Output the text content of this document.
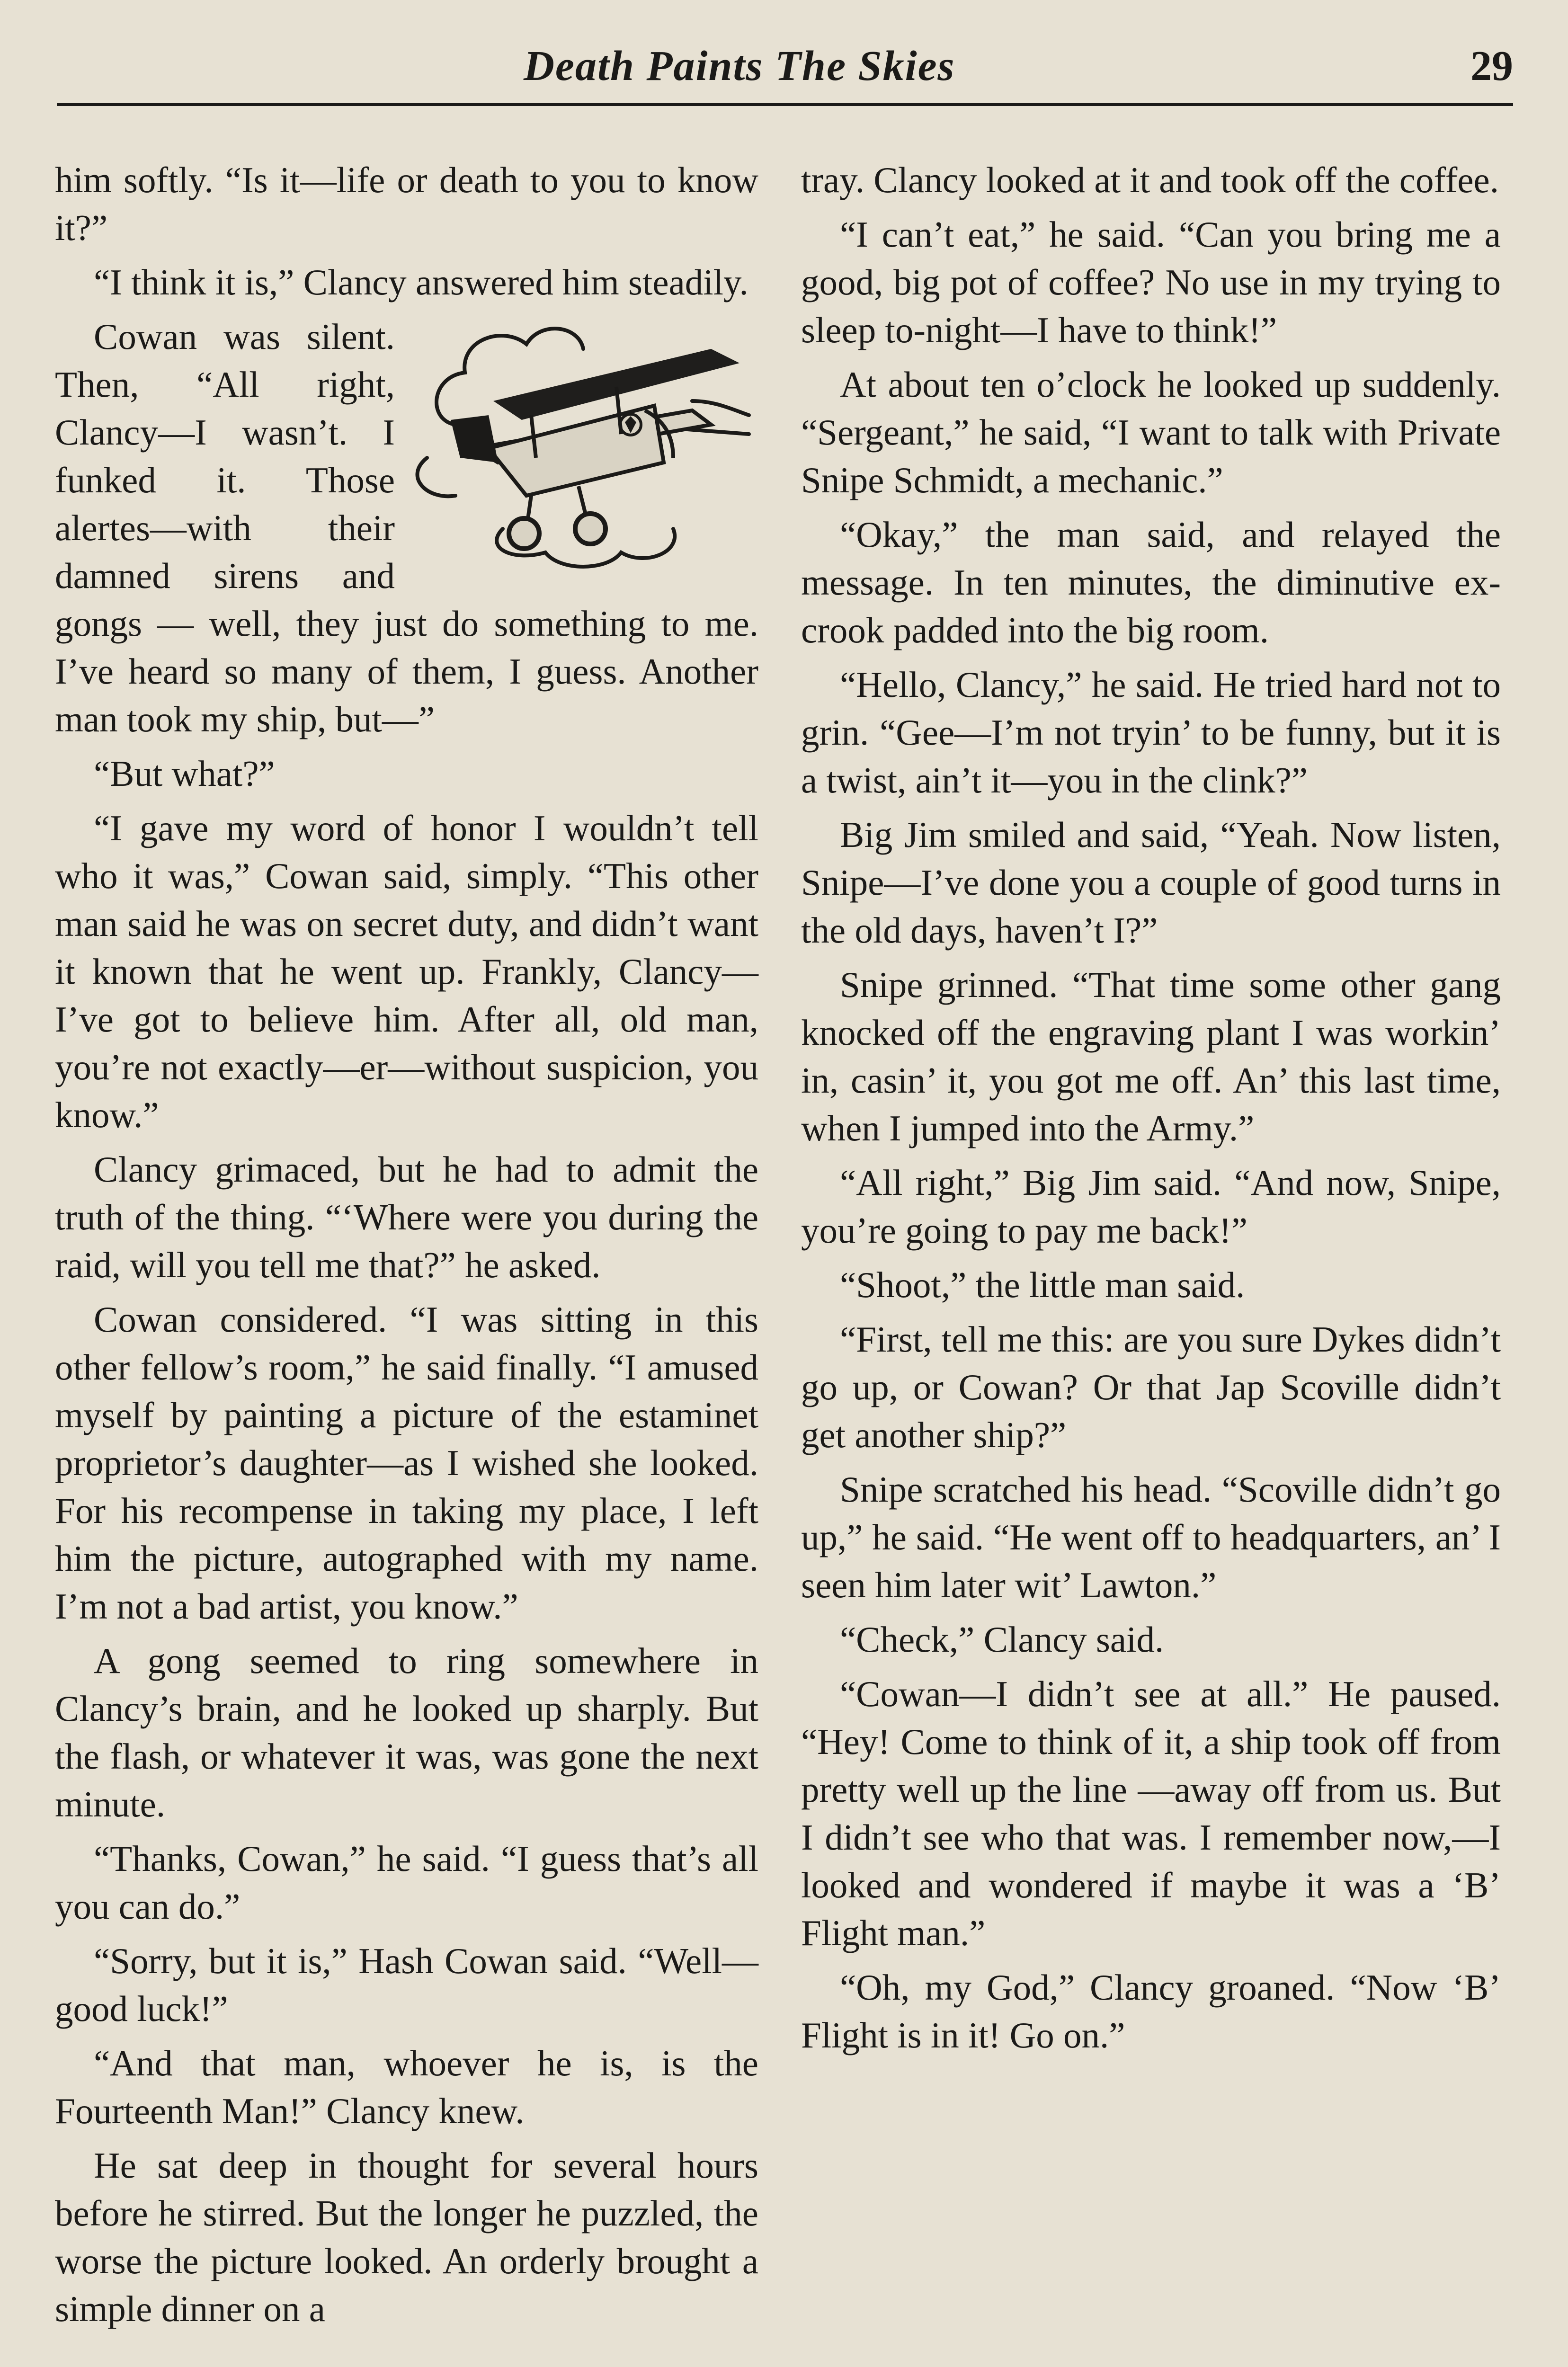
Death Paints The Skies	29

him softly. “Is it—life or death to you to know it?”

“I think it is,” Clancy answered him steadily.

Cowan was silent. Then, “All right, Clancy—I wasn’t. I funked it. Those alertes—with their damned sirens and gongs — well, they just do something to me. I’ve heard so many of them, I guess. Another man took my ship, but—”

“But what?”

“I gave my word of honor I wouldn’t tell who it was,” Cowan said, simply. “This other man said he was on secret duty, and didn’t want it known that he went up. Frankly, Clancy—I’ve got to believe him. After all, old man, you’re not exactly—er—without suspicion, you know.”

Clancy grimaced, but he had to admit the truth of the thing. “‘Where were you during the raid, will you tell me that?” he asked.

Cowan considered. “I was sitting in this other fellow’s room,” he said finally. “I amused myself by painting a picture of the estaminet proprietor’s daughter—as I wished she looked. For his recompense in taking my place, I left him the picture, autographed with my name. I’m not a bad artist, you know.”

A gong seemed to ring somewhere in Clancy’s brain, and he looked up sharply. But the flash, or whatever it was, was gone the next minute.

“Thanks, Cowan,” he said. “I guess that’s all you can do.”

“Sorry, but it is,” Hash Cowan said. “Well—good luck!”

“And that man, whoever he is, is the Fourteenth Man!” Clancy knew.

He sat deep in thought for several hours before he stirred. But the longer he puzzled, the worse the picture looked. An orderly brought a simple dinner on a

tray. Clancy looked at it and took off the coffee.

“I can’t eat,” he said. “Can you bring me a good, big pot of coffee? No use in my trying to sleep to-night—I have to think!”

At about ten o’clock he looked up suddenly. “Sergeant,” he said, “I want to talk with Private Snipe Schmidt, a mechanic.”

“Okay,” the man said, and relayed the message. In ten minutes, the diminutive ex-crook padded into the big room.

“Hello, Clancy,” he said. He tried hard not to grin. “Gee—I’m not tryin’ to be funny, but it is a twist, ain’t it—you in the clink?”

Big Jim smiled and said, “Yeah. Now listen, Snipe—I’ve done you a couple of good turns in the old days, haven’t I?”

Snipe grinned. “That time some other gang knocked off the engraving plant I was workin’ in, casin’ it, you got me off. An’ this last time, when I jumped into the Army.”

“All right,” Big Jim said. “And now, Snipe, you’re going to pay me back!”

“Shoot,” the little man said.

“First, tell me this: are you sure Dykes didn’t go up, or Cowan? Or that Jap Scoville didn’t get another ship?”

Snipe scratched his head. “Scoville didn’t go up,” he said. “He went off to headquarters, an’ I seen him later wit’ Lawton.”

“Check,” Clancy said.

“Cowan—I didn’t see at all.” He paused. “Hey! Come to think of it, a ship took off from pretty well up the line —away off from us. But I didn’t see who that was. I remember now,—I looked and wondered if maybe it was a ‘B’ Flight man.”

“Oh, my God,” Clancy groaned. “Now ‘B’ Flight is in it! Go on.”
